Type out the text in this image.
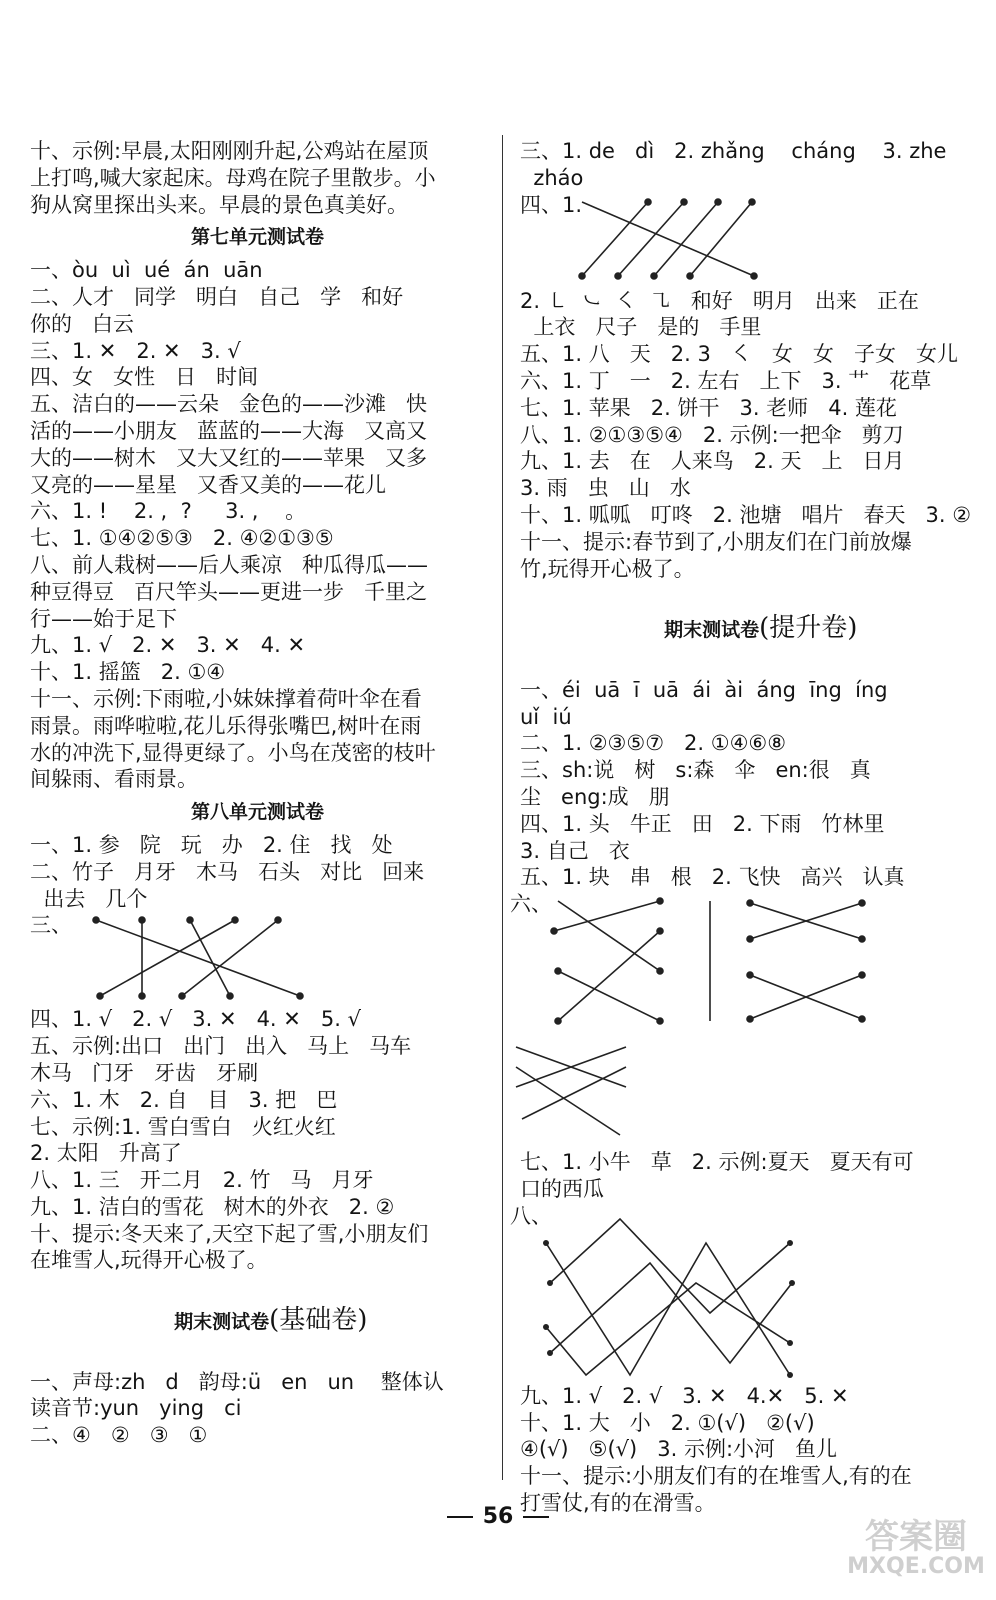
十、示例:早晨,太阳刚刚升起,公鸡站在屋顶
上打鸣,喊大家起床。母鸡在院子里散步。小
狗从窝里探出头来。早晨的景色真美好。
第七单元测试卷
一、òu  uì  ué  án  uān
二、人才   同学   明白   自己   学   和好
你的   白云
三、1. ✕   2. ✕   3. √
四、女   女性   日   时间
五、洁白的——云朵   金色的——沙滩   快
活的——小朋友   蓝蓝的——大海   又高又
大的——树木   又大又红的——苹果   又多
又亮的——星星   又香又美的——花儿
六、1. !    2. ,  ?     3. ,    。
七、1. ①④②⑤③   2. ④②①③⑤
八、前人栽树——后人乘凉   种瓜得瓜——
种豆得豆   百尺竿头——更进一步   千里之
行——始于足下
九、1. √   2. ✕   3. ✕   4. ✕
十、1. 摇篮   2. ①④
十一、示例:下雨啦,小妹妹撑着荷叶伞在看
雨景。雨哗啦啦,花儿乐得张嘴巴,树叶在雨
水的冲洗下,显得更绿了。小鸟在茂密的枝叶
间躲雨、看雨景。
第八单元测试卷
一、1. 参   院   玩   办   2. 住   找   处
二、竹子   月牙   木马   石头   对比   回来
出去   几个
三、
四、1. √   2. √   3. ✕   4. ✕   5. √
五、示例:出口   出门   出入   马上   马车
木马   门牙   牙齿   牙刷
六、1. 木   2. 自   目   3. 把   巴
七、示例:1. 雪白雪白   火红火红
2. 太阳   升高了
八、1. 三   开二月   2. 竹   马   月牙
九、1. 洁白的雪花   树木的外衣   2. ②
十、提示:冬天来了,天空下起了雪,小朋友们
在堆雪人,玩得开心极了。

期末测试卷(基础卷)

一、声母:zh   d   韵母:ü   en   un    整体认
读音节:yun   ying   ci
二、④   ②   ③   ①
三、1. de   dì   2. zhǎng    cháng    3. zhe
zháo
四、1.
2. ㇄  ㇃  ㇛  ㇈   和好   明月   出来   正在
上衣   尺子   是的   手里
五、1. 八   天   2. 3   ㇛   女   女   子女   女儿
六、1. 丁   一   2. 左右   上下   3. 艹   花草
七、1. 苹果   2. 饼干   3. 老师   4. 莲花
八、1. ②①③⑤④   2. 示例:一把伞   剪刀
九、1. 去   在   人来鸟   2. 天   上   日月
3. 雨   虫   山   水
十、1. 呱呱   叮咚   2. 池塘   唱片   春天   3. ②
十一、提示:春节到了,小朋友们在门前放爆
竹,玩得开心极了。

期末测试卷(提升卷)

一、éi  uā  ī  uā  ái  ài  áng  īng  íng
uǐ  iú
二、1. ②③⑤⑦   2. ①④⑥⑧
三、sh:说   树   s:森   伞   en:很   真
尘   eng:成   朋
四、1. 头   牛正   田   2. 下雨   竹林里
3. 自己   衣
五、1. 块   串   根   2. 飞快   高兴   认真
六、
七、1. 小牛   草   2. 示例:夏天   夏天有可
口的西瓜
八、
九、1. √   2. √   3. ✕   4.✕   5. ✕
十、1. 大   小   2. ①(√)   ②(√)
④(√)   ⑤(√)   3. 示例:小河   鱼儿
十一、提示:小朋友们有的在堆雪人,有的在
打雪仗,有的在滑雪。
56
答案圈
MXQE.COM
